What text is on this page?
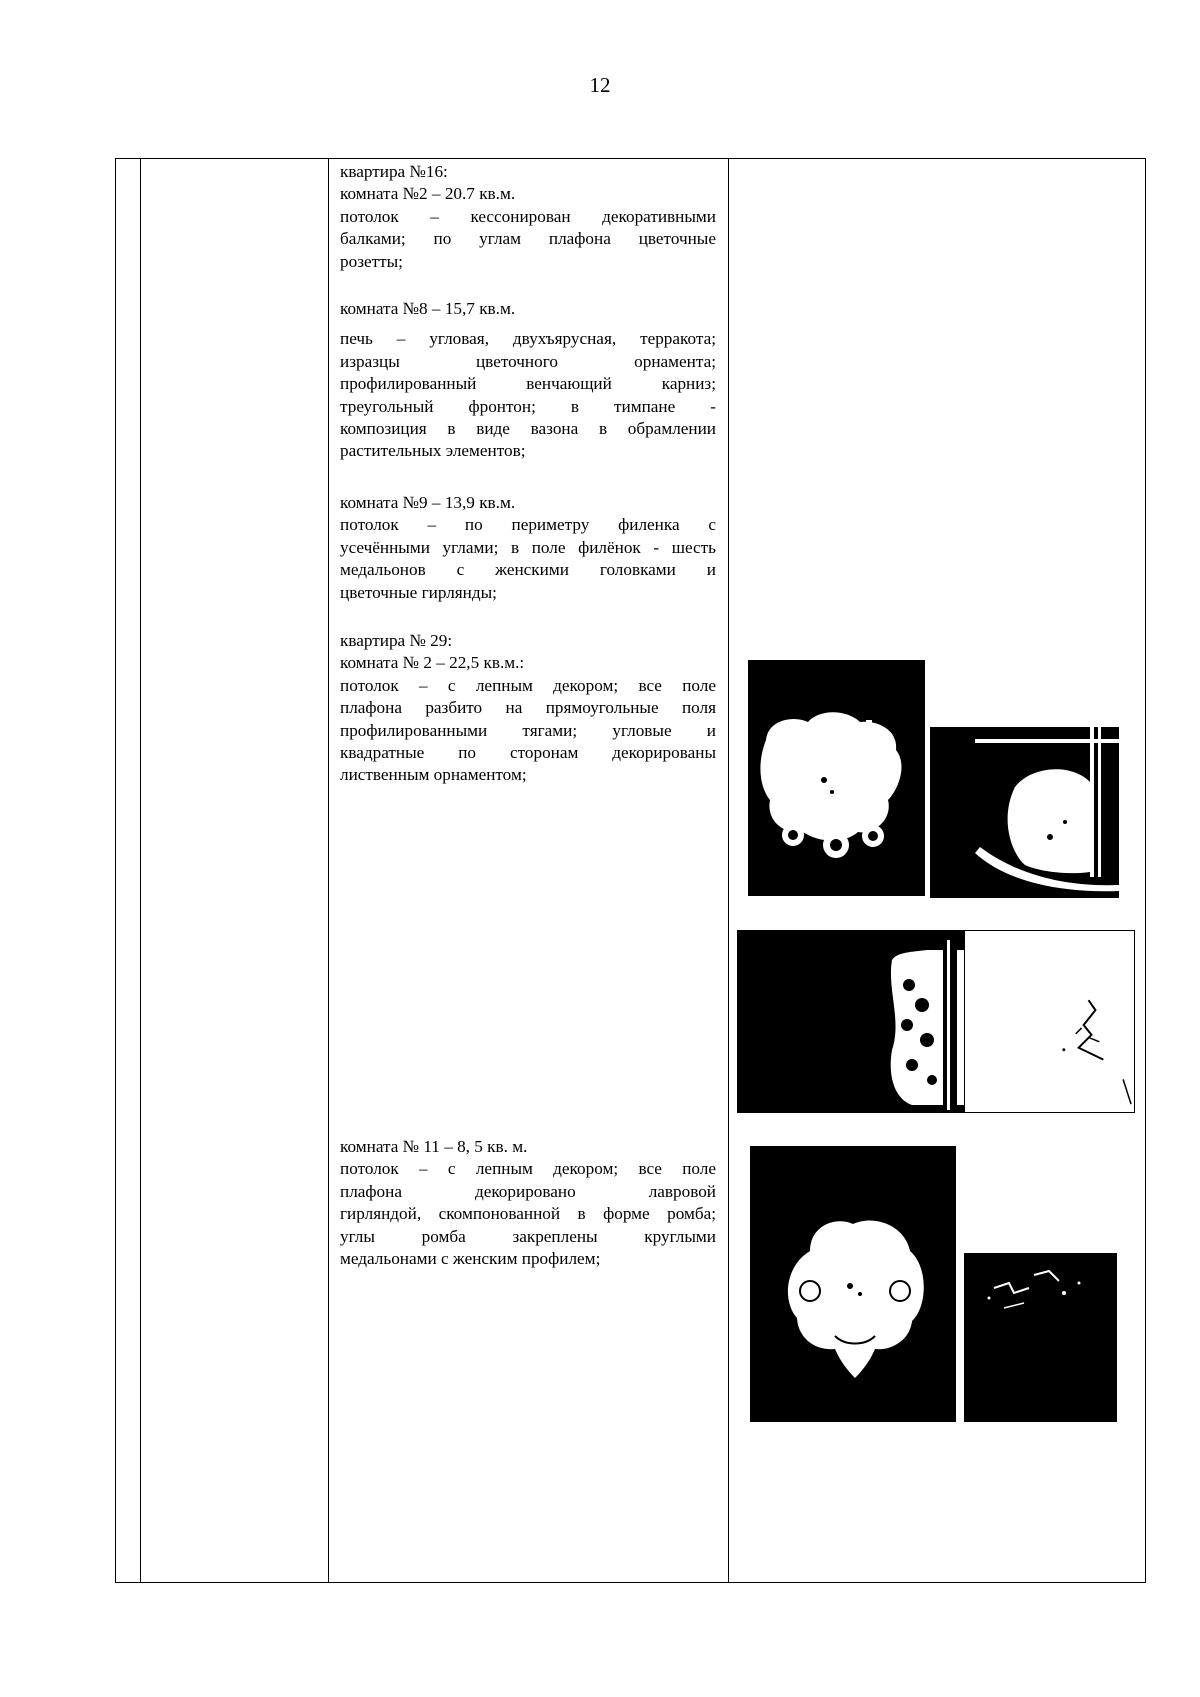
12
квартира №16:
комната №2 – 20.7 кв.м.
потолок – кессонирован декоративными
балками; по углам плафона цветочные
розетты;
комната №8 – 15,7 кв.м.
печь – угловая, двухъярусная, терракота;
изразцы цветочного орнамента;
профилированный венчающий карниз;
треугольный фронтон; в тимпане -
композиция в виде вазона в обрамлении
растительных элементов;
комната №9 – 13,9 кв.м.
потолок – по периметру филенка с
усечёнными углами; в поле филёнок - шесть
медальонов с женскими головками и
цветочные гирлянды;
квартира № 29:
комната № 2 – 22,5 кв.м.:
потолок – с лепным декором; все поле
плафона разбито на прямоугольные поля
профилированными тягами; угловые и
квадратные по сторонам декорированы
лиственным орнаментом;
комната № 11 – 8, 5 кв. м.
потолок – с лепным декором; все поле
плафона декорировано лавровой
гирляндой, скомпонованной в форме ромба;
углы ромба закреплены круглыми
медальонами с женским профилем;
